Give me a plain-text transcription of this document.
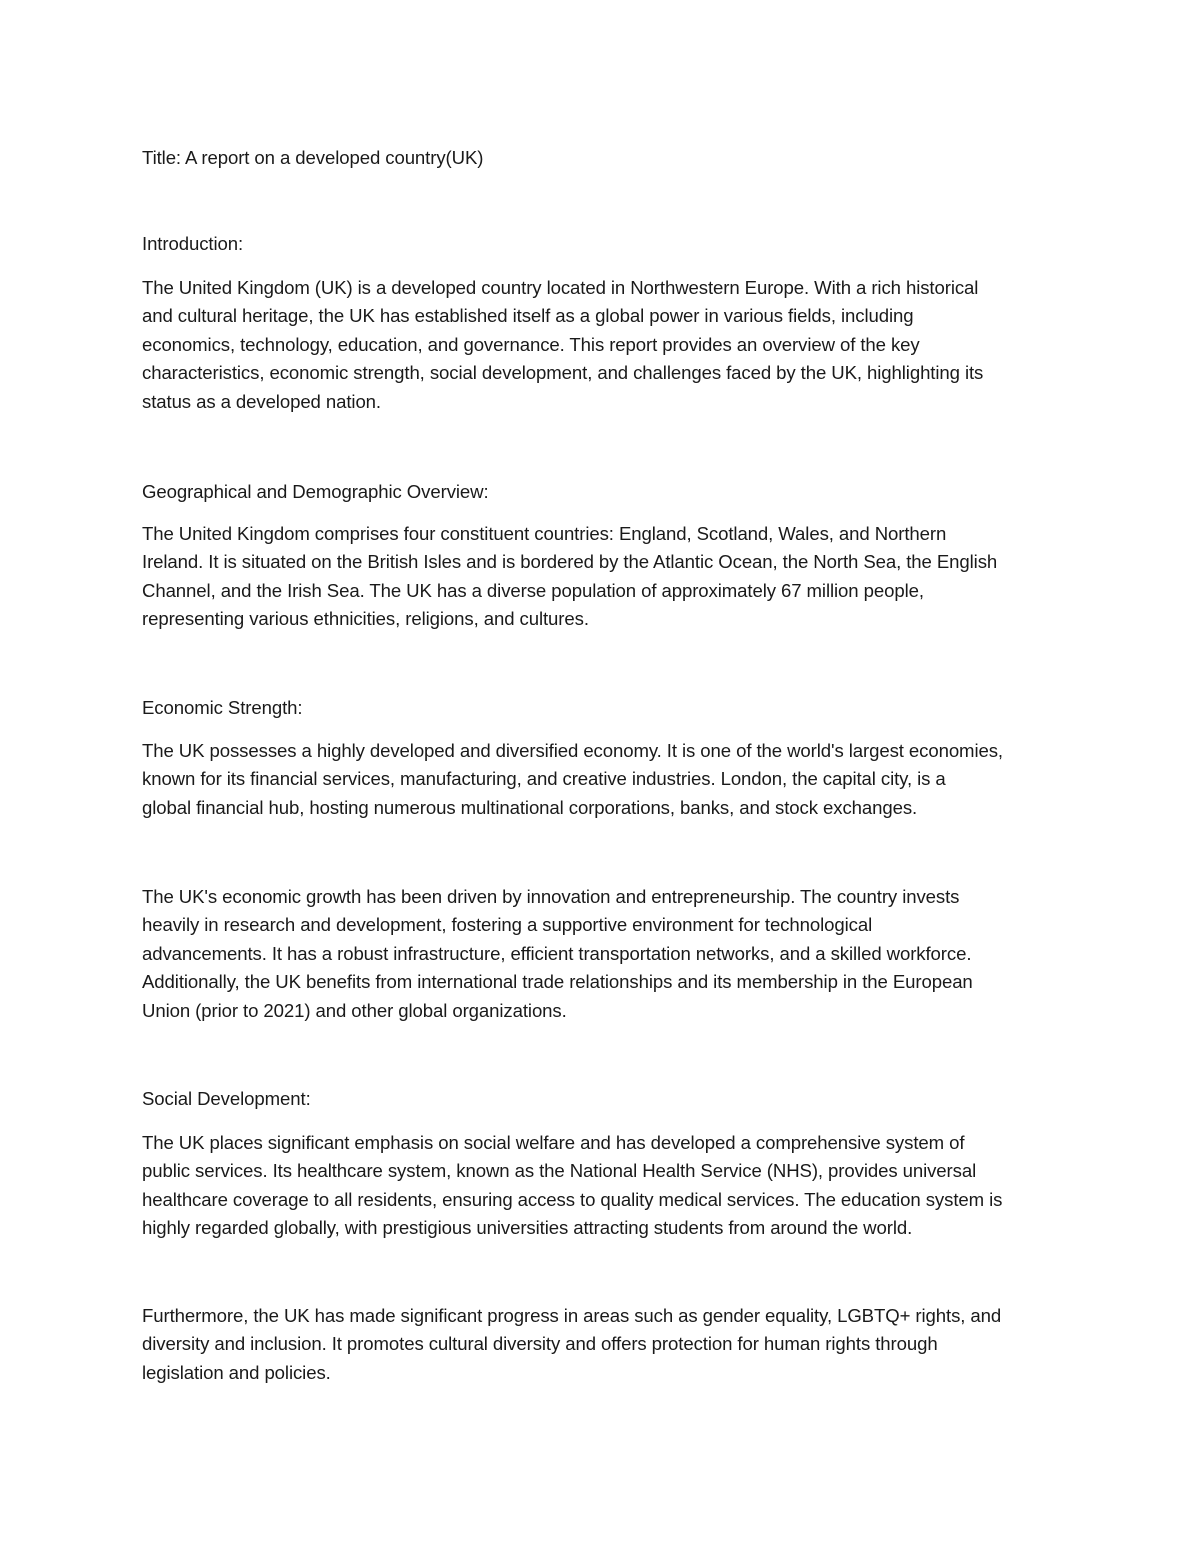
Title: A report on a developed country(UK)
Introduction:
The United Kingdom (UK) is a developed country located in Northwestern Europe. With a rich historical
and cultural heritage, the UK has established itself as a global power in various fields, including
economics, technology, education, and governance. This report provides an overview of the key
characteristics, economic strength, social development, and challenges faced by the UK, highlighting its
status as a developed nation.
Geographical and Demographic Overview:
The United Kingdom comprises four constituent countries: England, Scotland, Wales, and Northern
Ireland. It is situated on the British Isles and is bordered by the Atlantic Ocean, the North Sea, the English
Channel, and the Irish Sea. The UK has a diverse population of approximately 67 million people,
representing various ethnicities, religions, and cultures.
Economic Strength:
The UK possesses a highly developed and diversified economy. It is one of the world's largest economies,
known for its financial services, manufacturing, and creative industries. London, the capital city, is a
global financial hub, hosting numerous multinational corporations, banks, and stock exchanges.
The UK's economic growth has been driven by innovation and entrepreneurship. The country invests
heavily in research and development, fostering a supportive environment for technological
advancements. It has a robust infrastructure, efficient transportation networks, and a skilled workforce.
Additionally, the UK benefits from international trade relationships and its membership in the European
Union (prior to 2021) and other global organizations.
Social Development:
The UK places significant emphasis on social welfare and has developed a comprehensive system of
public services. Its healthcare system, known as the National Health Service (NHS), provides universal
healthcare coverage to all residents, ensuring access to quality medical services. The education system is
highly regarded globally, with prestigious universities attracting students from around the world.
Furthermore, the UK has made significant progress in areas such as gender equality, LGBTQ+ rights, and
diversity and inclusion. It promotes cultural diversity and offers protection for human rights through
legislation and policies.
